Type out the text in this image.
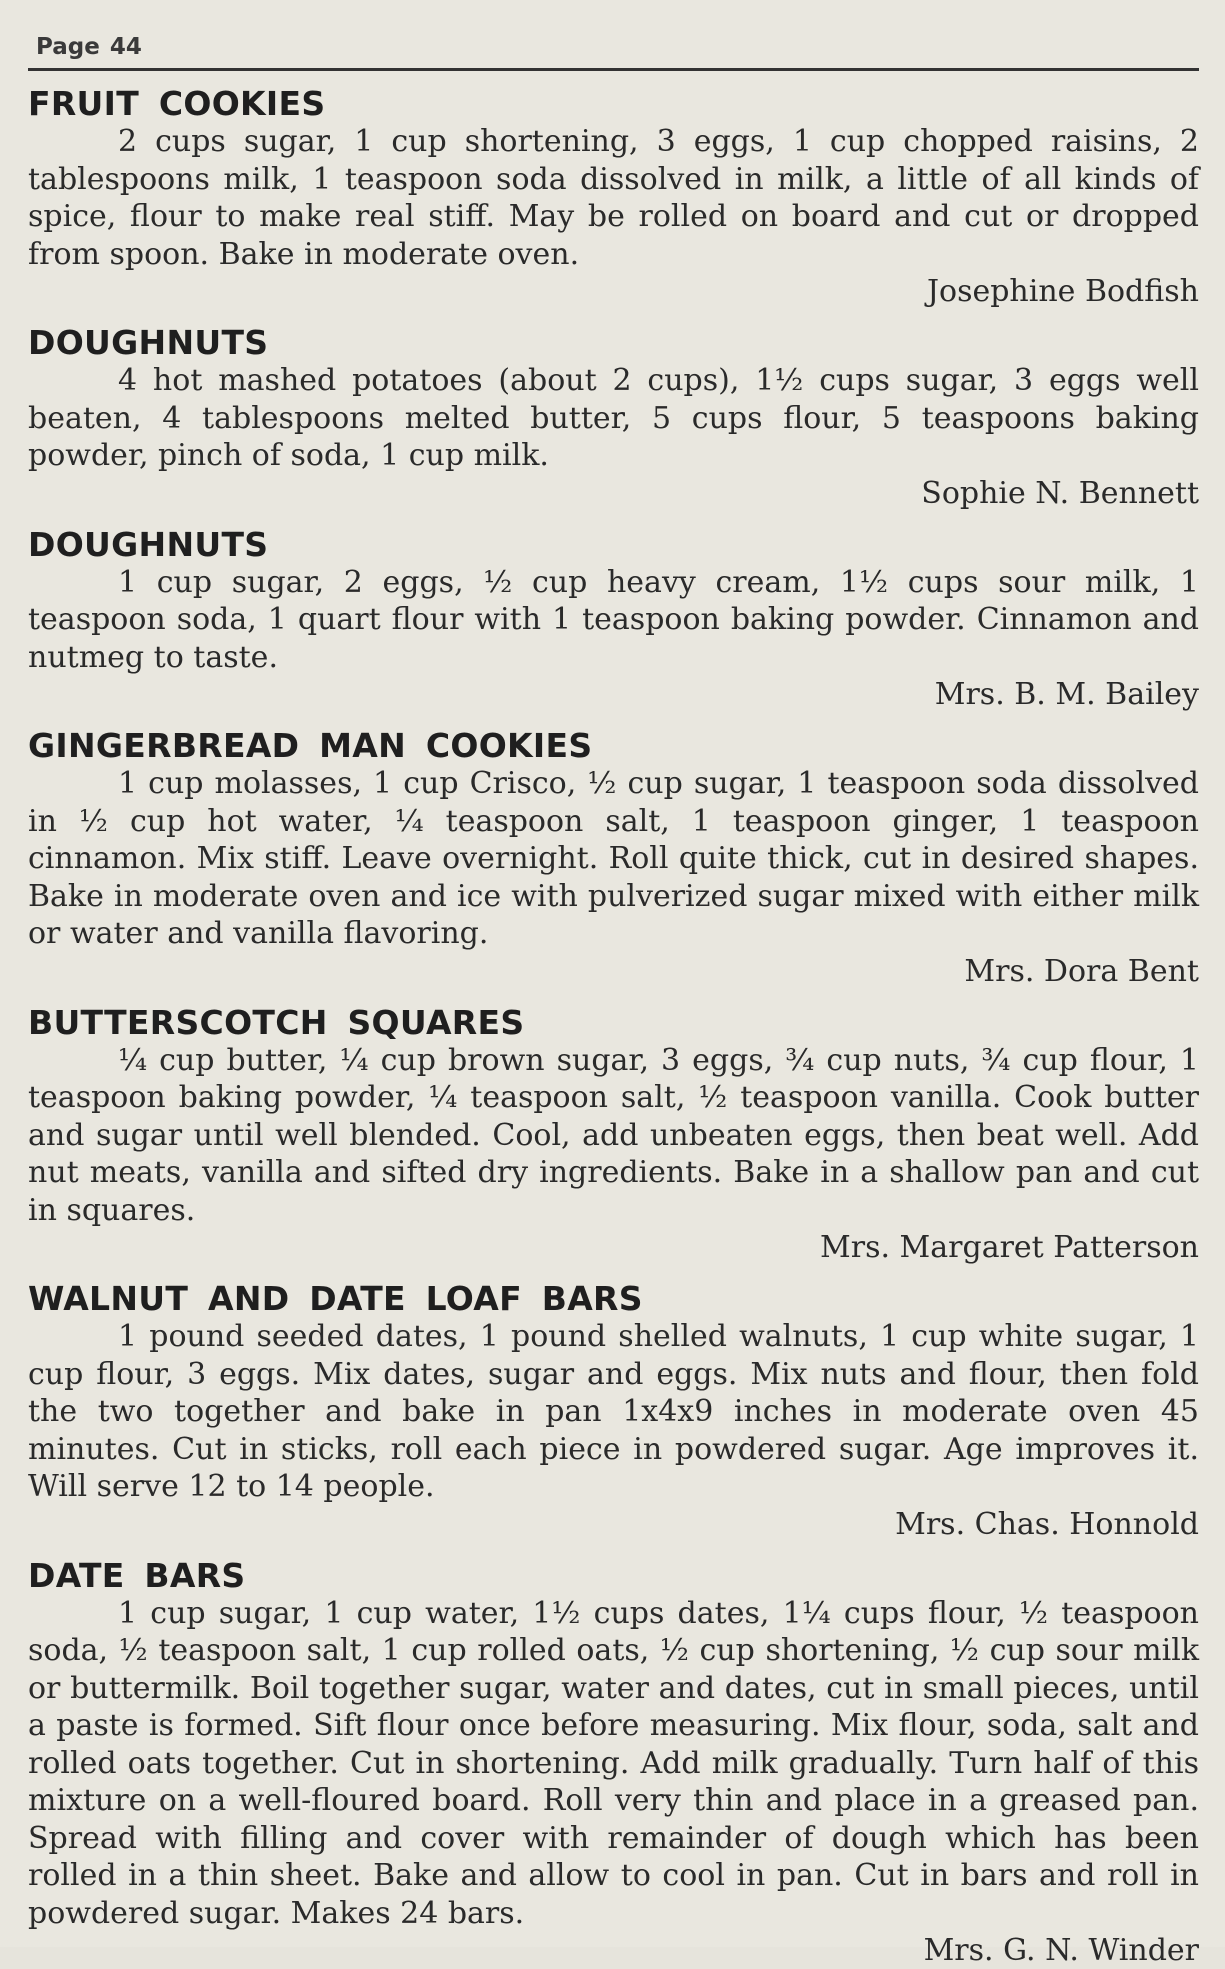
Page 44
FRUIT COOKIES

2 cups sugar, 1 cup shortening, 3 eggs, 1 cup chopped raisins, 2 tablespoons milk, 1 teaspoon soda dissolved in milk, a little of all kinds of spice, flour to make real stiff. May be rolled on board and cut or dropped from spoon. Bake in moderate oven.

Josephine Bodfish
DOUGHNUTS

4 hot mashed potatoes (about 2 cups), 1½ cups sugar, 3 eggs well beaten, 4 tablespoons melted butter, 5 cups flour, 5 teaspoons baking powder, pinch of soda, 1 cup milk.

Sophie N. Bennett
DOUGHNUTS

1 cup sugar, 2 eggs, ½ cup heavy cream, 1½ cups sour milk, 1 teaspoon soda, 1 quart flour with 1 teaspoon baking powder. Cinnamon and nutmeg to taste.

Mrs. B. M. Bailey
GINGERBREAD MAN COOKIES

1 cup molasses, 1 cup Crisco, ½ cup sugar, 1 teaspoon soda dissolved in ½ cup hot water, ¼ teaspoon salt, 1 teaspoon ginger, 1 teaspoon cinnamon. Mix stiff. Leave overnight. Roll quite thick, cut in desired shapes. Bake in moderate oven and ice with pulverized sugar mixed with either milk or water and vanilla flavoring.

Mrs. Dora Bent
BUTTERSCOTCH SQUARES

¼ cup butter, ¼ cup brown sugar, 3 eggs, ¾ cup nuts, ¾ cup flour, 1 teaspoon baking powder, ¼ teaspoon salt, ½ teaspoon vanilla. Cook butter and sugar until well blended. Cool, add unbeaten eggs, then beat well. Add nut meats, vanilla and sifted dry ingredients. Bake in a shallow pan and cut in squares.

Mrs. Margaret Patterson
WALNUT AND DATE LOAF BARS

1 pound seeded dates, 1 pound shelled walnuts, 1 cup white sugar, 1 cup flour, 3 eggs. Mix dates, sugar and eggs. Mix nuts and flour, then fold the two together and bake in pan 1x4x9 inches in moderate oven 45 minutes. Cut in sticks, roll each piece in powdered sugar. Age improves it. Will serve 12 to 14 people.

Mrs. Chas. Honnold
DATE BARS

1 cup sugar, 1 cup water, 1½ cups dates, 1¼ cups flour, ½ teaspoon soda, ½ teaspoon salt, 1 cup rolled oats, ½ cup shortening, ½ cup sour milk or buttermilk. Boil together sugar, water and dates, cut in small pieces, until a paste is formed. Sift flour once before measuring. Mix flour, soda, salt and rolled oats together. Cut in shortening. Add milk gradually. Turn half of this mixture on a well-floured board. Roll very thin and place in a greased pan. Spread with filling and cover with remainder of dough which has been rolled in a thin sheet. Bake and allow to cool in pan. Cut in bars and roll in powdered sugar. Makes 24 bars.

Mrs. G. N. Winder
